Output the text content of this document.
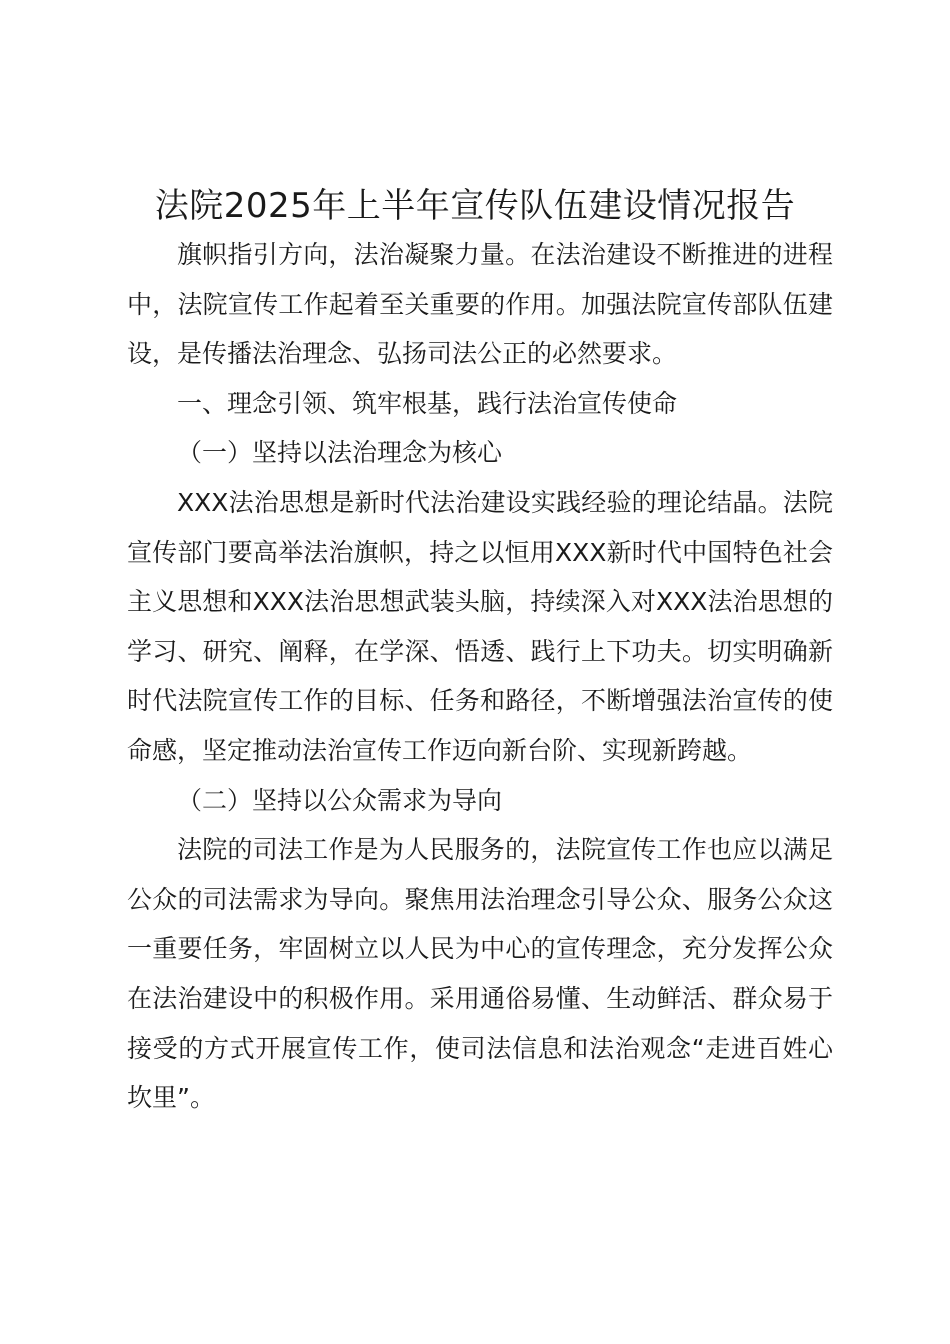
法院2025年上半年宣传队伍建设情况报告

旗帜指引方向，法治凝聚力量。在法治建设不断推进的进程中，法院宣传工作起着至关重要的作用。加强法院宣传部队伍建设，是传播法治理念、弘扬司法公正的必然要求。

一、理念引领、筑牢根基，践行法治宣传使命

（一）坚持以法治理念为核心

XXX法治思想是新时代法治建设实践经验的理论结晶。法院宣传部门要高举法治旗帜，持之以恒用XXX新时代中国特色社会主义思想和XXX法治思想武装头脑，持续深入对XXX法治思想的学习、研究、阐释，在学深、悟透、践行上下功夫。切实明确新时代法院宣传工作的目标、任务和路径，不断增强法治宣传的使命感，坚定推动法治宣传工作迈向新台阶、实现新跨越。

（二）坚持以公众需求为导向

法院的司法工作是为人民服务的，法院宣传工作也应以满足公众的司法需求为导向。聚焦用法治理念引导公众、服务公众这一重要任务，牢固树立以人民为中心的宣传理念，充分发挥公众在法治建设中的积极作用。采用通俗易懂、生动鲜活、群众易于接受的方式开展宣传工作，使司法信息和法治观念“走进百姓心坎里”。
